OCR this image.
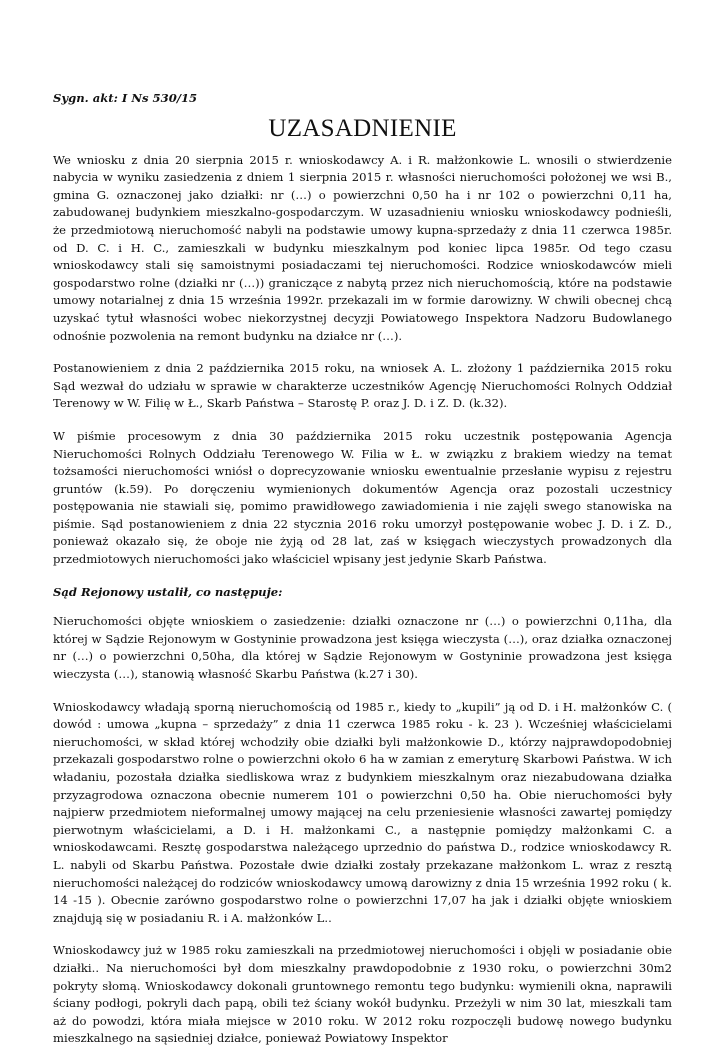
Sygn. akt: I Ns 530/15
UZASADNIENIE

We wniosku z dnia 20 sierpnia 2015 r. wnioskodawcy A. i R. małżonkowie L. wnosili o stwierdzenie nabycia w wyniku zasiedzenia z dniem 1 sierpnia 2015 r. własności nieruchomości położonej we wsi B., gmina G. oznaczonej jako działki: nr (…) o powierzchni 0,50 ha i nr 102 o powierzchni 0,11 ha, zabudowanej budynkiem mieszkalno-gospodarczym. W uzasadnieniu wniosku wnioskodawcy podnieśli, że przedmiotową nieruchomość nabyli na podstawie umowy kupna-sprzedaży z dnia 11 czerwca 1985r. od D. C. i H. C., zamieszkali w budynku mieszkalnym pod koniec lipca 1985r. Od tego czasu wnioskodawcy stali się samoistnymi posiadaczami tej nieruchomości. Rodzice wnioskodawców mieli gospodarstwo rolne (działki nr (…)) graniczące z nabytą przez nich nieruchomością, które na podstawie umowy notarialnej z dnia 15 września 1992r. przekazali im w formie darowizny. W chwili obecnej chcą uzyskać tytuł własności wobec niekorzystnej decyzji Powiatowego Inspektora Nadzoru Budowlanego odnośnie pozwolenia na remont budynku na działce nr (…).

Postanowieniem z dnia 2 października 2015 roku, na wniosek A. L. złożony 1 października 2015 roku Sąd wezwał do udziału w sprawie w charakterze uczestników Agencję Nieruchomości Rolnych Oddział Terenowy w W. Filię w Ł., Skarb Państwa – Starostę P. oraz J. D. i Z. D. (k.32).

W piśmie procesowym z dnia 30 października 2015 roku uczestnik postępowania Agencja Nieruchomości Rolnych Oddziału Terenowego W. Filia w Ł. w związku z brakiem wiedzy na temat tożsamości nieruchomości wniósł o doprecyzowanie wniosku ewentualnie przesłanie wypisu z rejestru gruntów (k.59). Po doręczeniu wymienionych dokumentów Agencja oraz pozostali uczestnicy postępowania nie stawiali się, pomimo prawidłowego zawiadomienia i nie zajęli swego stanowiska na piśmie. Sąd postanowieniem z dnia 22 stycznia 2016 roku umorzył postępowanie wobec J. D. i Z. D., ponieważ okazało się, że oboje nie żyją od 28 lat, zaś w księgach wieczystych prowadzonych dla przedmiotowych nieruchomości jako właściciel wpisany jest jedynie Skarb Państwa.

Sąd Rejonowy ustalił, co następuje:

Nieruchomości objęte wnioskiem o zasiedzenie: działki oznaczone nr (…) o powierzchni 0,11ha, dla której w Sądzie Rejonowym w Gostyninie prowadzona jest księga wieczysta (…), oraz działka oznaczonej nr (…) o powierzchni 0,50ha, dla której w Sądzie Rejonowym w Gostyninie prowadzona jest księga wieczysta (…), stanowią własność Skarbu Państwa (k.27 i 30).

Wnioskodawcy władają sporną nieruchomością od 1985 r., kiedy to „kupili” ją od D. i H. małżonków C. ( dowód : umowa „kupna – sprzedaży” z dnia 11 czerwca 1985 roku - k. 23 ). Wcześniej właścicielami nieruchomości, w skład której wchodziły obie działki byli małżonkowie D., którzy najprawdopodobniej przekazali gospodarstwo rolne o powierzchni około 6 ha w zamian z emeryturę Skarbowi Państwa. W ich władaniu, pozostała działka siedliskowa wraz z budynkiem mieszkalnym oraz niezabudowana działka przyzagrodowa oznaczona obecnie numerem 101 o powierzchni 0,50 ha. Obie nieruchomości były najpierw przedmiotem nieformalnej umowy mającej na celu przeniesienie własności zawartej pomiędzy pierwotnym właścicielami, a D. i H. małżonkami C., a następnie pomiędzy małżonkami C. a wnioskodawcami. Resztę gospodarstwa należącego uprzednio do państwa D., rodzice wnioskodawcy R. L. nabyli od Skarbu Państwa. Pozostałe dwie działki zostały przekazane małżonkom L. wraz z resztą nieruchomości należącej do rodziców wnioskodawcy umową darowizny z dnia 15 września 1992 roku ( k. 14 -15 ). Obecnie zarówno gospodarstwo rolne o powierzchni 17,07 ha jak i działki objęte wnioskiem znajdują się w posiadaniu R. i A. małżonków L..

Wnioskodawcy już w 1985 roku zamieszkali na przedmiotowej nieruchomości i objęli w posiadanie obie działki.. Na nieruchomości był dom mieszkalny prawdopodobnie z 1930 roku, o powierzchni 30m2 pokryty słomą. Wnioskodawcy dokonali gruntownego remontu tego budynku: wymienili okna, naprawili ściany podłogi, pokryli dach papą, obili też ściany wokół budynku. Przeżyli w nim 30 lat, mieszkali tam aż do powodzi, która miała miejsce w 2010 roku. W 2012 roku rozpoczęli budowę nowego budynku mieszkalnego na sąsiedniej działce, ponieważ Powiatowy Inspektor
